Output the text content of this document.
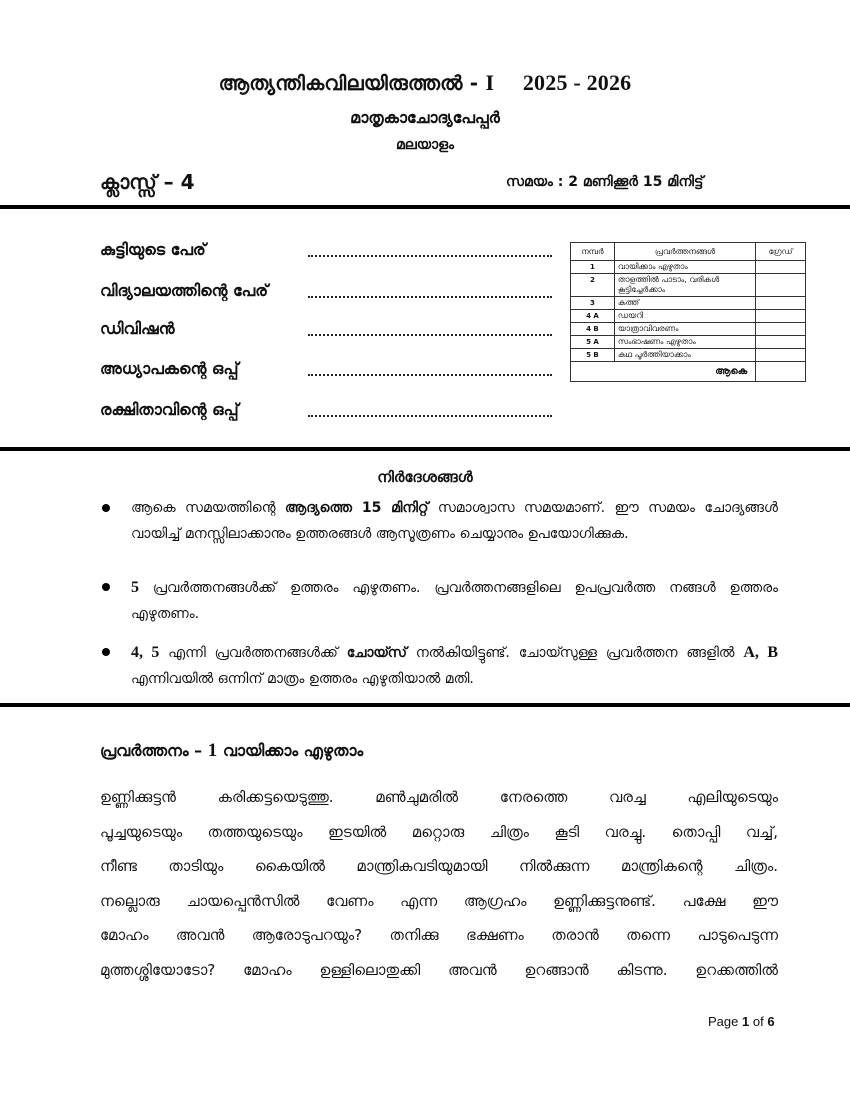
ആത്യന്തികവിലയിരുത്തൽ - I 2025 - 2026
മാതൃകാചോദ്യപേപ്പർ
മലയാളം
ക്ലാസ്സ് – 4	സമയം : 2 മണിക്കൂർ 15 മിനിട്ട്
കുട്ടിയുടെ പേര്
വിദ്യാലയത്തിന്റെ പേര്
ഡിവിഷൻ
അധ്യാപകന്റെ ഒപ്പ്
രക്ഷിതാവിന്റെ ഒപ്പ്
നമ്പർ	പ്രവർത്തനങ്ങൾ	ഗ്രേഡ്
1	വായിക്കാം എഴുതാം	
2	താളത്തിൽ പാടാം, വരികൾ കൂട്ടിച്ചേർക്കാം	
3	കത്ത്	
4 A	ഡയറി	
4 B	യാത്രാവിവരണം	
5 A	സംഭാഷണം എഴുതാം	
5 B	കഥ പൂർത്തിയാക്കാം	
ആകെ		
നിർദേശങ്ങൾ
ആകെ സമയത്തിന്റെ ആദ്യത്തെ 15 മിനിറ്റ് സമാശ്വാസ സമയമാണ്. ഈ സമയം ചോദ്യങ്ങൾ വായിച്ച് മനസ്സിലാക്കാനും ഉത്തരങ്ങൾ ആസൂത്രണം ചെയ്യാനും ഉപയോഗിക്കുക.
5 പ്രവർത്തനങ്ങൾക്ക് ഉത്തരം എഴുതണം. പ്രവർത്തനങ്ങളിലെ ഉപപ്രവർത്ത നങ്ങൾ ഉത്തരം എഴുതണം.
4, 5 എന്നി പ്രവർത്തനങ്ങൾക്ക് ചോയ്സ് നൽകിയിട്ടുണ്ട്. ചോയ്സുള്ള പ്രവർത്തന ങ്ങളിൽ A, B എന്നിവയിൽ ഒന്നിന് മാത്രം ഉത്തരം എഴുതിയാൽ മതി.
പ്രവർത്തനം – 1 വായിക്കാം എഴുതാം
ഉണ്ണിക്കുട്ടൻ കരിക്കട്ടയെടുത്തു. മൺചുമരിൽ നേരത്തെ വരച്ച എലിയുടെയും
പൂച്ചയുടെയും തത്തയുടെയും ഇടയിൽ മറ്റൊരു ചിത്രം കൂടി വരച്ചു. തൊപ്പി വച്ച്,
നീണ്ട താടിയും കൈയിൽ മാന്ത്രികവടിയുമായി നിൽക്കുന്ന മാന്ത്രികന്റെ ചിത്രം.
നല്ലൊരു ചായപ്പെൻസിൽ വേണം എന്ന ആഗ്രഹം ഉണ്ണിക്കുട്ടനുണ്ട്. പക്ഷേ ഈ
മോഹം അവൻ ആരോടുപറയും? തനിക്കു ഭക്ഷണം തരാൻ തന്നെ പാടുപെടുന്ന
മുത്തശ്ശിയോടോ? മോഹം ഉള്ളിലൊതുക്കി അവൻ ഉറങ്ങാൻ കിടന്നു. ഉറക്കത്തിൽ
Page 1 of 6
